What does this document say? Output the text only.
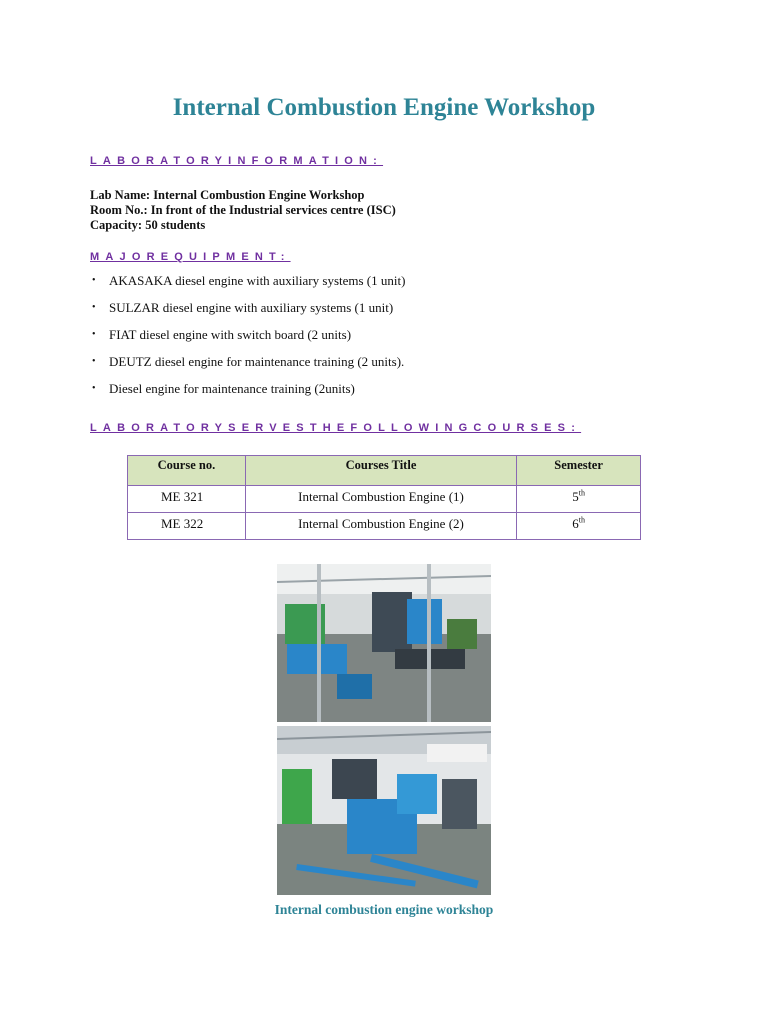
Internal Combustion Engine Workshop
LABORATORYINFORMATION:
Lab Name: Internal Combustion Engine Workshop
Room No.: In front of the Industrial services centre (ISC)
Capacity: 50 students
MAJOREQUIPMENT:
•	AKASAKA diesel engine with auxiliary systems (1 unit)
•	SULZAR diesel engine with auxiliary systems (1 unit)
•	FIAT diesel engine with switch board (2 units)
•	DEUTZ diesel engine for maintenance training (2 units).
•	Diesel engine for maintenance training (2units)
LABORATORYSERVESTHEFOLLOWINGCOURSES:
Course no.	Courses Title	Semester
ME 321	Internal Combustion Engine (1)	5th
ME 322	Internal Combustion Engine (2)	6th
Internal combustion engine workshop
